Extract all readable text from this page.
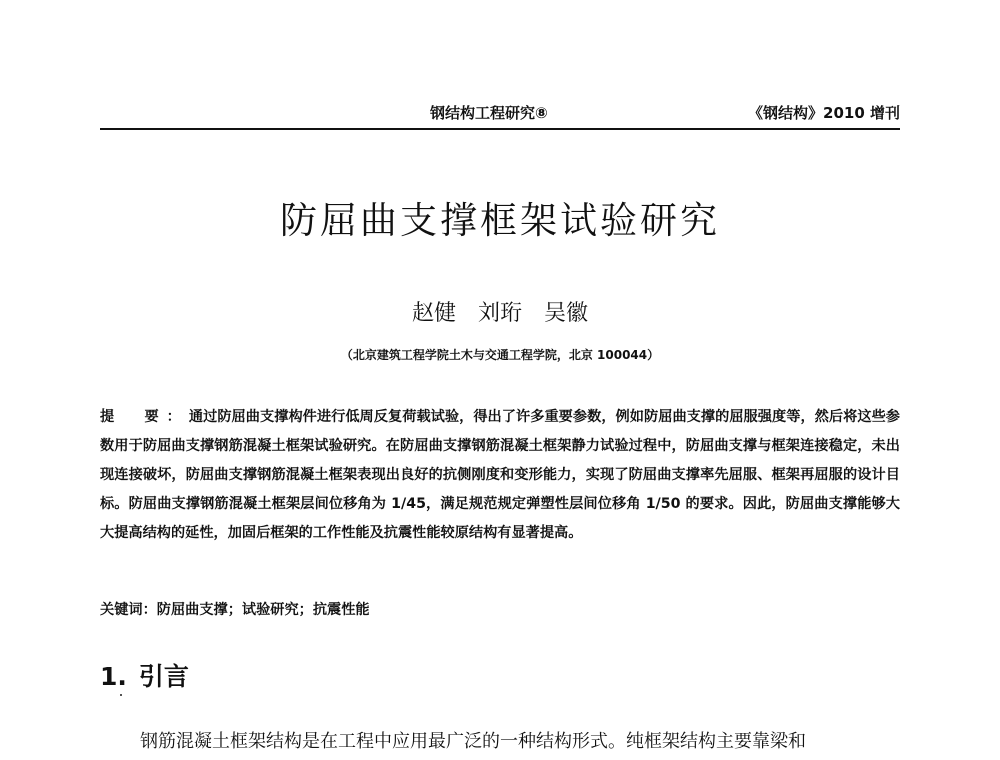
钢结构工程研究⑧	《钢结构》2010 增刊
防屈曲支撑框架试验研究
赵健　刘珩　吴徽
（北京建筑工程学院土木与交通工程学院，北京 100044）
提　要：通过防屈曲支撑构件进行低周反复荷载试验，得出了许多重要参数，例如防屈曲支撑的屈服强度等，然后将这些参数用于防屈曲支撑钢筋混凝土框架试验研究。在防屈曲支撑钢筋混凝土框架静力试验过程中，防屈曲支撑与框架连接稳定，未出现连接破坏，防屈曲支撑钢筋混凝土框架表现出良好的抗侧刚度和变形能力，实现了防屈曲支撑率先屈服、框架再屈服的设计目标。防屈曲支撑钢筋混凝土框架层间位移角为 1/45，满足规范规定弹塑性层间位移角 1/50 的要求。因此，防屈曲支撑能够大大提高结构的延性，加固后框架的工作性能及抗震性能较原结构有显著提高。
关键词：防屈曲支撑；试验研究；抗震性能
1. 引言
钢筋混凝土框架结构是在工程中应用最广泛的一种结构形式。纯框架结构主要靠梁和
